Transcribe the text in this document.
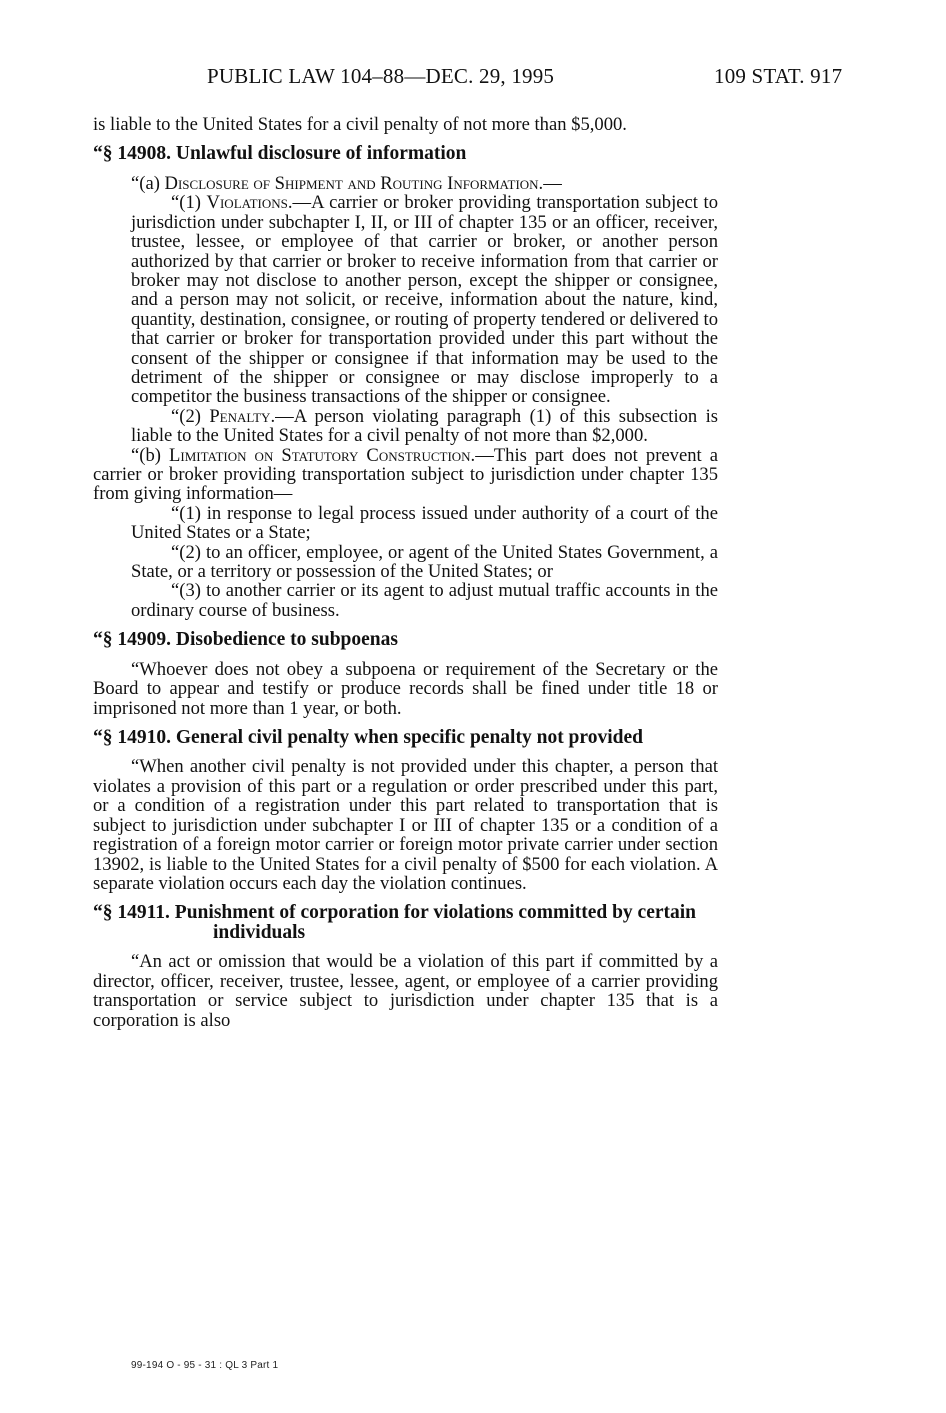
PUBLIC LAW 104–88—DEC. 29, 1995	109 STAT. 917

is liable to the United States for a civil penalty of not more than $5,000.

“§ 14908. Unlawful disclosure of information

“(a) Disclosure of Shipment and Routing Information.—

“(1) Violations.—A carrier or broker providing transportation subject to jurisdiction under subchapter I, II, or III of chapter 135 or an officer, receiver, trustee, lessee, or employee of that carrier or broker, or another person authorized by that carrier or broker to receive information from that carrier or broker may not disclose to another person, except the shipper or consignee, and a person may not solicit, or receive, information about the nature, kind, quantity, destination, consignee, or routing of property tendered or delivered to that carrier or broker for transportation provided under this part without the consent of the shipper or consignee if that information may be used to the detriment of the shipper or consignee or may disclose improperly to a competitor the business transactions of the shipper or consignee.

“(2) Penalty.—A person violating paragraph (1) of this subsection is liable to the United States for a civil penalty of not more than $2,000.

“(b) Limitation on Statutory Construction.—This part does not prevent a carrier or broker providing transportation subject to jurisdiction under chapter 135 from giving information—

“(1) in response to legal process issued under authority of a court of the United States or a State;

“(2) to an officer, employee, or agent of the United States Government, a State, or a territory or possession of the United States; or

“(3) to another carrier or its agent to adjust mutual traffic accounts in the ordinary course of business.

“§ 14909. Disobedience to subpoenas

“Whoever does not obey a subpoena or requirement of the Secretary or the Board to appear and testify or produce records shall be fined under title 18 or imprisoned not more than 1 year, or both.

“§ 14910. General civil penalty when specific penalty not provided

“When another civil penalty is not provided under this chapter, a person that violates a provision of this part or a regulation or order prescribed under this part, or a condition of a registration under this part related to transportation that is subject to jurisdiction under subchapter I or III of chapter 135 or a condition of a registration of a foreign motor carrier or foreign motor private carrier under section 13902, is liable to the United States for a civil penalty of $500 for each violation. A separate violation occurs each day the violation continues.

“§ 14911. Punishment of corporation for violations committed by certain individuals

“An act or omission that would be a violation of this part if committed by a director, officer, receiver, trustee, lessee, agent, or employee of a carrier providing transportation or service subject to jurisdiction under chapter 135 that is a corporation is also

99-194 O - 95 - 31 : QL 3 Part 1
